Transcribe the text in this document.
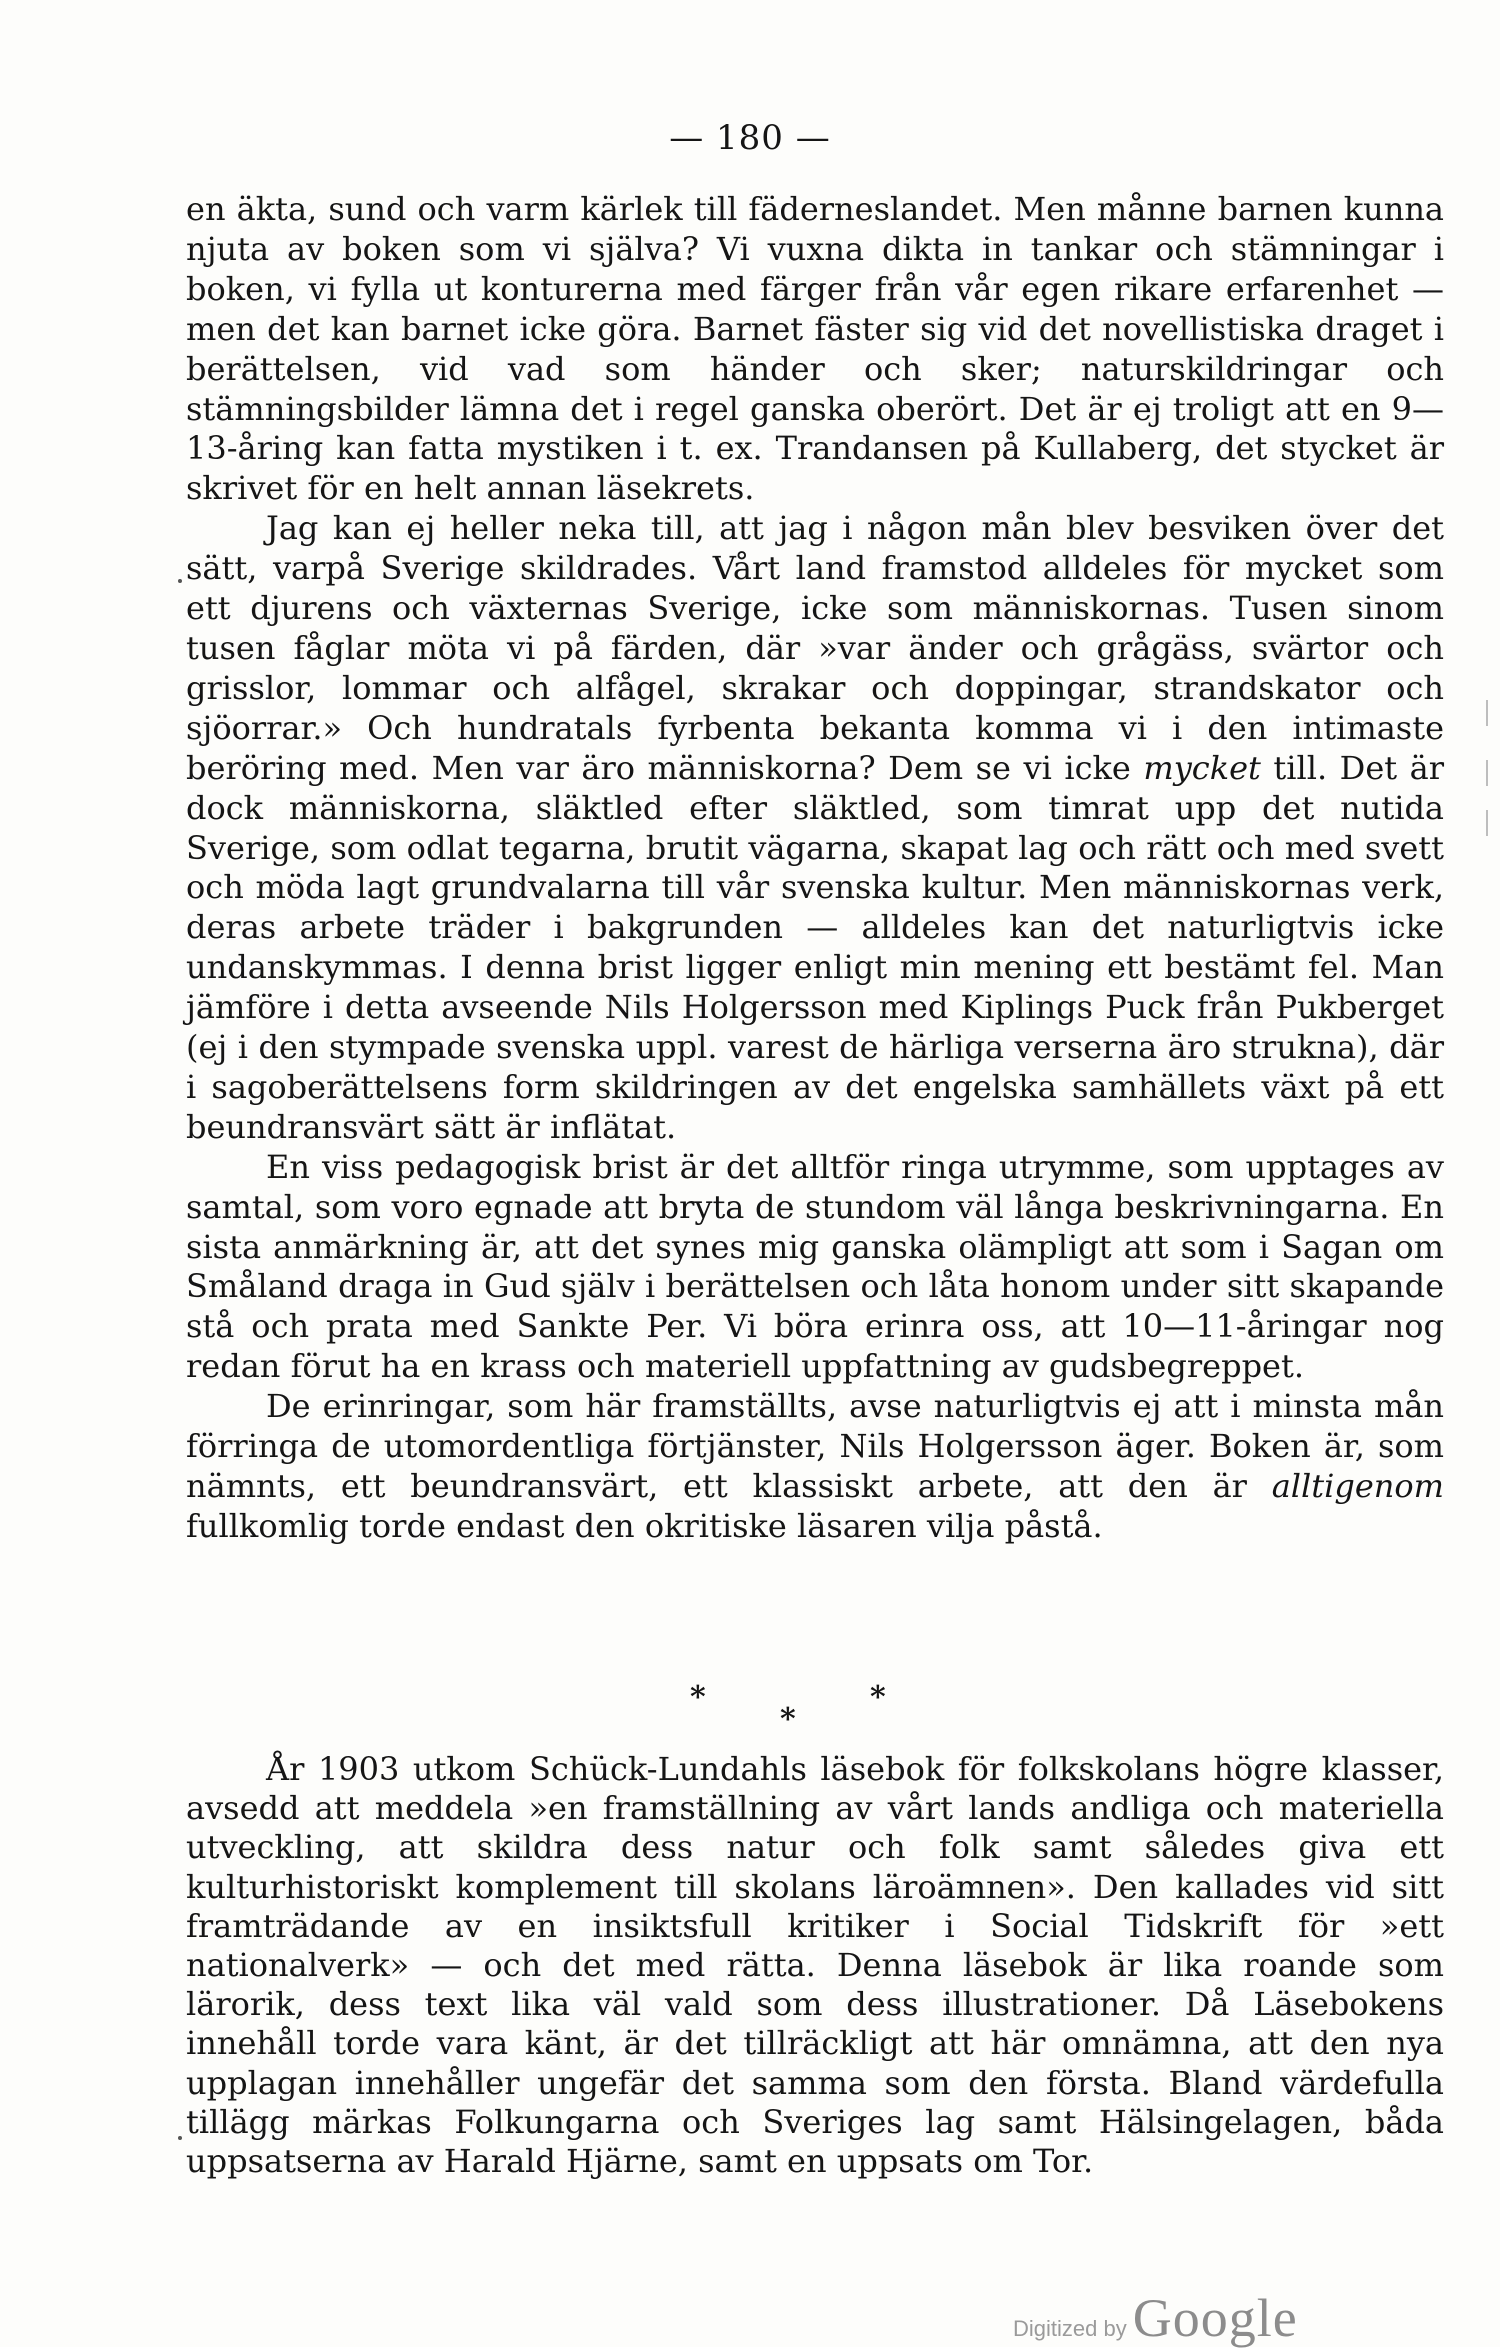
— 180 —

en äkta, sund och varm kärlek till fäderneslandet. Men månne barnen kunna njuta av boken som vi själva? Vi vuxna dikta in tankar och stämningar i boken, vi fylla ut konturerna med färger från vår egen rikare erfarenhet — men det kan barnet icke göra. Barnet fäster sig vid det novellistiska draget i berättelsen, vid vad som händer och sker; naturskildringar och stämningsbilder lämna det i regel ganska oberört. Det är ej troligt att en 9—13-åring kan fatta mystiken i t. ex. Trandansen på Kullaberg, det stycket är skrivet för en helt annan läsekrets.

Jag kan ej heller neka till, att jag i någon mån blev besviken över det sätt, varpå Sverige skildrades. Vårt land framstod alldeles för mycket som ett djurens och växternas Sverige, icke som människornas. Tusen sinom tusen fåglar möta vi på färden, där »var änder och grågäss, svärtor och grisslor, lommar och alfågel, skrakar och doppingar, strandskator och sjöorrar.» Och hundratals fyrbenta bekanta komma vi i den intimaste beröring med. Men var äro människorna? Dem se vi icke mycket till. Det är dock människorna, släktled efter släktled, som timrat upp det nutida Sverige, som odlat tegarna, brutit vägarna, skapat lag och rätt och med svett och möda lagt grundvalarna till vår svenska kultur. Men människornas verk, deras arbete träder i bakgrunden — alldeles kan det naturligtvis icke undanskymmas. I denna brist ligger enligt min mening ett bestämt fel. Man jämföre i detta avseende Nils Holgersson med Kiplings Puck från Pukberget (ej i den stympade svenska uppl. varest de härliga verserna äro strukna), där i sagoberättelsens form skildringen av det engelska samhällets växt på ett beundransvärt sätt är inflätat.

En viss pedagogisk brist är det alltför ringa utrymme, som upptages av samtal, som voro egnade att bryta de stundom väl långa beskrivningarna. En sista anmärkning är, att det synes mig ganska olämpligt att som i Sagan om Småland draga in Gud själv i berättelsen och låta honom under sitt skapande stå och prata med Sankte Per. Vi böra erinra oss, att 10—11-åringar nog redan förut ha en krass och materiell uppfattning av gudsbegreppet.

De erinringar, som här framställts, avse naturligtvis ej att i minsta mån förringa de utomordentliga förtjänster, Nils Holgersson äger. Boken är, som nämnts, ett beundransvärt, ett klassiskt arbete, att den är alltigenom fullkomlig torde endast den okritiske läsaren vilja påstå.

*	*
*

År 1903 utkom Schück-Lundahls läsebok för folkskolans högre klasser, avsedd att meddela »en framställning av vårt lands andliga och materiella utveckling, att skildra dess natur och folk samt således giva ett kulturhistoriskt komplement till skolans läroämnen». Den kallades vid sitt framträdande av en insiktsfull kritiker i Social Tidskrift för »ett nationalverk» — och det med rätta. Denna läsebok är lika roande som lärorik, dess text lika väl vald som dess illustrationer. Då Läsebokens innehåll torde vara känt, är det tillräckligt att här omnämna, att den nya upplagan innehåller ungefär det samma som den första. Bland värdefulla tillägg märkas Folkungarna och Sveriges lag samt Hälsingelagen, båda uppsatserna av Harald Hjärne, samt en uppsats om Tor.

Digitized by Google
